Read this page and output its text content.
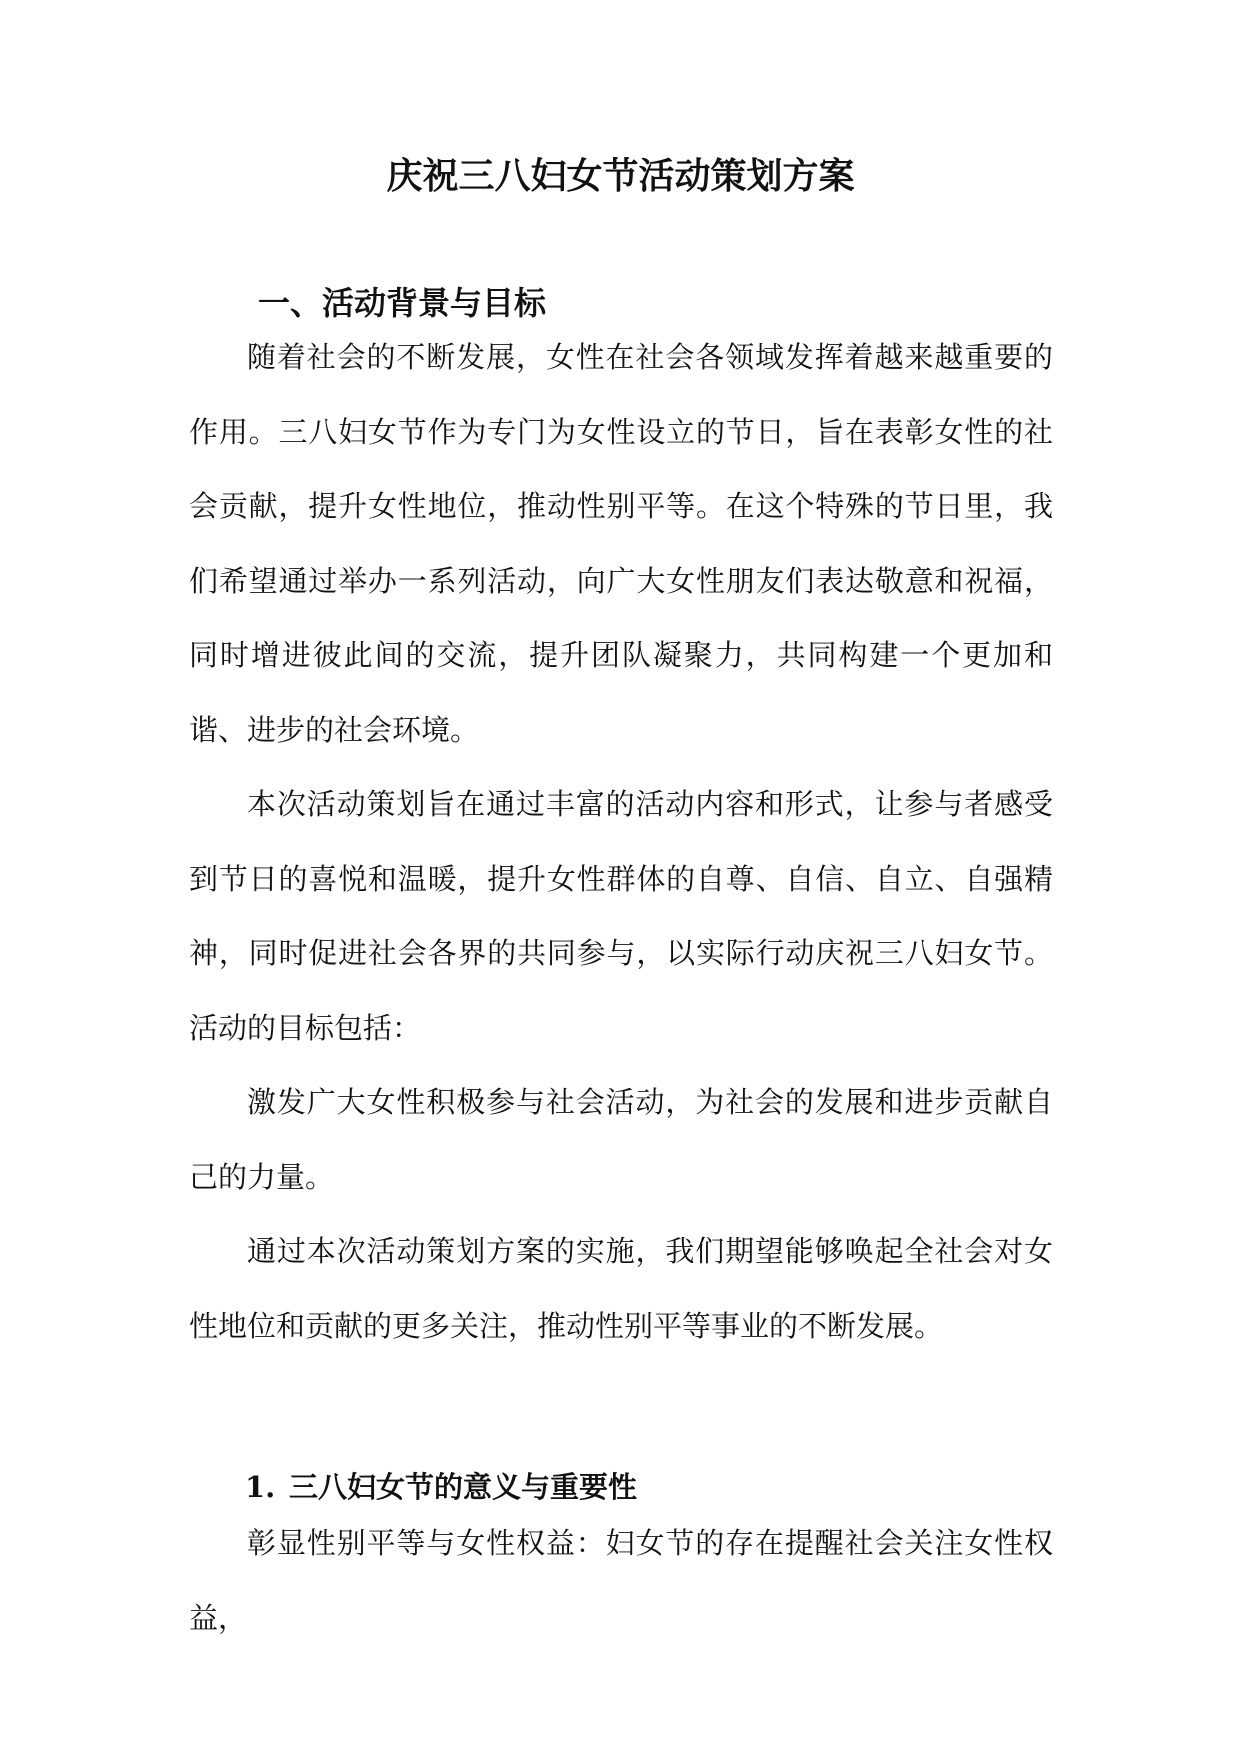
庆祝三八妇女节活动策划方案
一、活动背景与目标

随着社会的不断发展，女性在社会各领域发挥着越来越重要的作用。三八妇女节作为专门为女性设立的节日，旨在表彰女性的社会贡献，提升女性地位，推动性别平等。在这个特殊的节日里，我们希望通过举办一系列活动，向广大女性朋友们表达敬意和祝福，同时增进彼此间的交流，提升团队凝聚力，共同构建一个更加和谐、进步的社会环境。

本次活动策划旨在通过丰富的活动内容和形式，让参与者感受到节日的喜悦和温暖，提升女性群体的自尊、自信、自立、自强精神，同时促进社会各界的共同参与，以实际行动庆祝三八妇女节。活动的目标包括：

激发广大女性积极参与社会活动，为社会的发展和进步贡献自己的力量。

通过本次活动策划方案的实施，我们期望能够唤起全社会对女性地位和贡献的更多关注，推动性别平等事业的不断发展。

1. 三八妇女节的意义与重要性

彰显性别平等与女性权益：妇女节的存在提醒社会关注女性权益，
